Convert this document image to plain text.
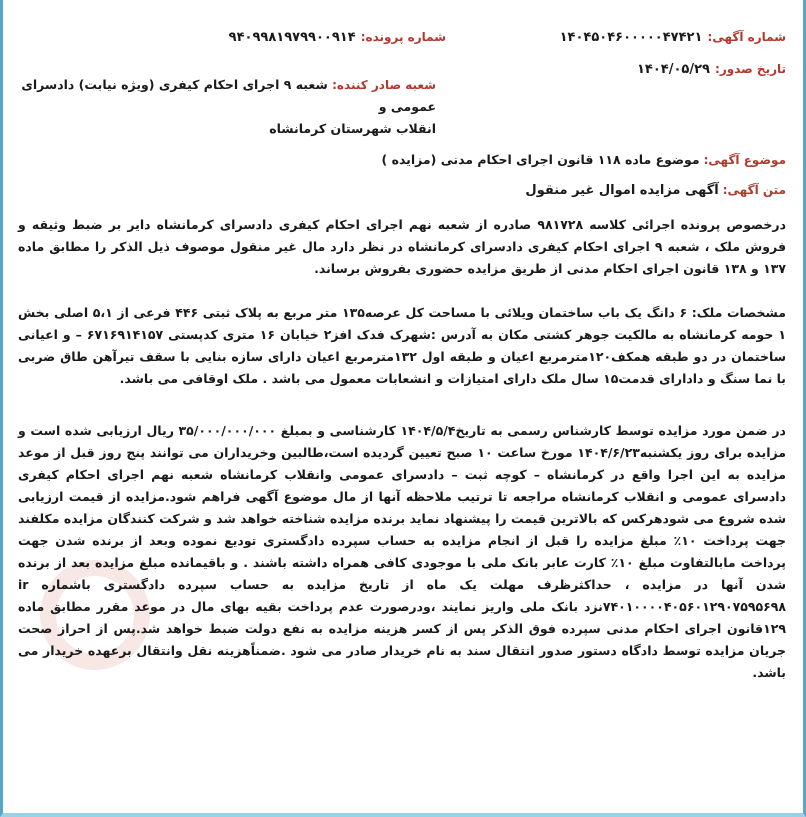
شماره آگهی: ۱۴۰۴۵۰۴۶۰۰۰۰۰۴۷۴۲۱
شماره پرونده: ۹۴۰۹۹۸۱۹۷۹۹۰۰۹۱۴
تاریخ صدور: ۱۴۰۴/۰۵/۲۹
شعبه صادر کننده: شعبه ۹ اجرای احکام کیفری (ویژه نیابت) دادسرای عمومی و
انقلاب شهرستان کرمانشاه
موضوع آگهی: موضوع ماده ۱۱۸ قانون اجرای احکام مدنی (مزایده )
متن آگهی: آگهی مزایده اموال غیر منقول

درخصوص پرونده اجرائی کلاسه ۹۸۱۷۲۸ صادره از شعبه نهم اجرای احکام کیفری دادسرای کرمانشاه دایر بر ضبط وثیقه و فروش ملک ، شعبه ۹ اجرای احکام کیفری دادسرای کرمانشاه در نظر دارد مال غیر منقول موصوف ذیل الذکر را مطابق ماده ۱۳۷ و ۱۳۸ قانون اجرای احکام مدنی از طریق مزایده حضوری بفروش برساند.

مشخصات ملک: ۶ دانگ یک باب ساختمان ویلائی با مساحت کل عرصه۱۳۵ متر مربع به پلاک ثبتی ۴۴۶ فرعی از ۵،۱ اصلی بخش ۱ حومه کرمانشاه به مالکیت جوهر کشتی مکان به آدرس :شهرک فدک افز۲ خیابان ۱۶ متری کدپستی ۶۷۱۶۹۱۴۱۵۷ – و اعیانی ساختمان در دو طبقه همکف۱۲۰مترمربع اعیان و طبقه اول ۱۳۲مترمربع اعیان دارای سازه بنایی با سقف تیرآهن طاق ضربی با نما سنگ و دادارای قدمت۱۵ سال ملک دارای امتیازات و انشعابات معمول می باشد . ملک اوقافی می باشد.

در ضمن مورد مزایده توسط کارشناس رسمی به تاریخ۱۴۰۴/۵/۴ کارشناسی و بمبلغ ۳۵/۰۰۰/۰۰۰/۰۰۰ ریال ارزیابی شده است و مزایده برای روز یکشنبه۱۴۰۴/۶/۲۳ مورخ ساعت ۱۰ صبح تعیین گردیده است،طالبین وخریداران می توانند پنج روز قبل از موعد مزایده به این اجرا واقع در کرمانشاه – کوچه ثبت – دادسرای عمومی وانقلاب کرمانشاه شعبه نهم اجرای احکام کیفری دادسرای عمومی و انقلاب کرمانشاه مراجعه تا ترتیب ملاحظه آنها از مال موضوع آگهی فراهم شود.مزایده از قیمت ارزیابی شده شروع می شودهرکس که بالاترین قیمت را پیشنهاد نماید برنده مزایده شناخته خواهد شد و شرکت کنندگان مزایده مکلفند جهت پرداخت ۱۰٪ مبلغ مزایده را قبل از انجام مزایده به حساب سپرده دادگستری تودیع نموده وبعد از برنده شدن جهت پرداخت مابالتفاوت مبلغ ۱۰٪ کارت عابر بانک ملی با موجودی کافی همراه داشته باشند . و باقیمانده مبلغ مزایده بعد از برنده شدن آنها در مزایده ، حداکثرظرف مهلت یک ماه از تاریخ مزایده به حساب سپرده دادگستری باشماره ir ۷۴۰۱۰۰۰۰۴۰۵۶۰۱۲۹۰۷۵۹۵۶۹۸نزد بانک ملی واریز نمایند ،ودرصورت عدم پرداخت بقیه بهای مال در موعد مقرر مطابق ماده ۱۲۹قانون اجرای احکام مدنی سپرده فوق الذکر پس از کسر هزینه مزایده به نفع دولت ضبط خواهد شد.پس از احراز صحت جریان مزایده توسط دادگاه دستور صدور انتقال سند به نام خریدار صادر می شود .ضمناًهزینه نقل وانتقال برعهده خریدار می باشد.
